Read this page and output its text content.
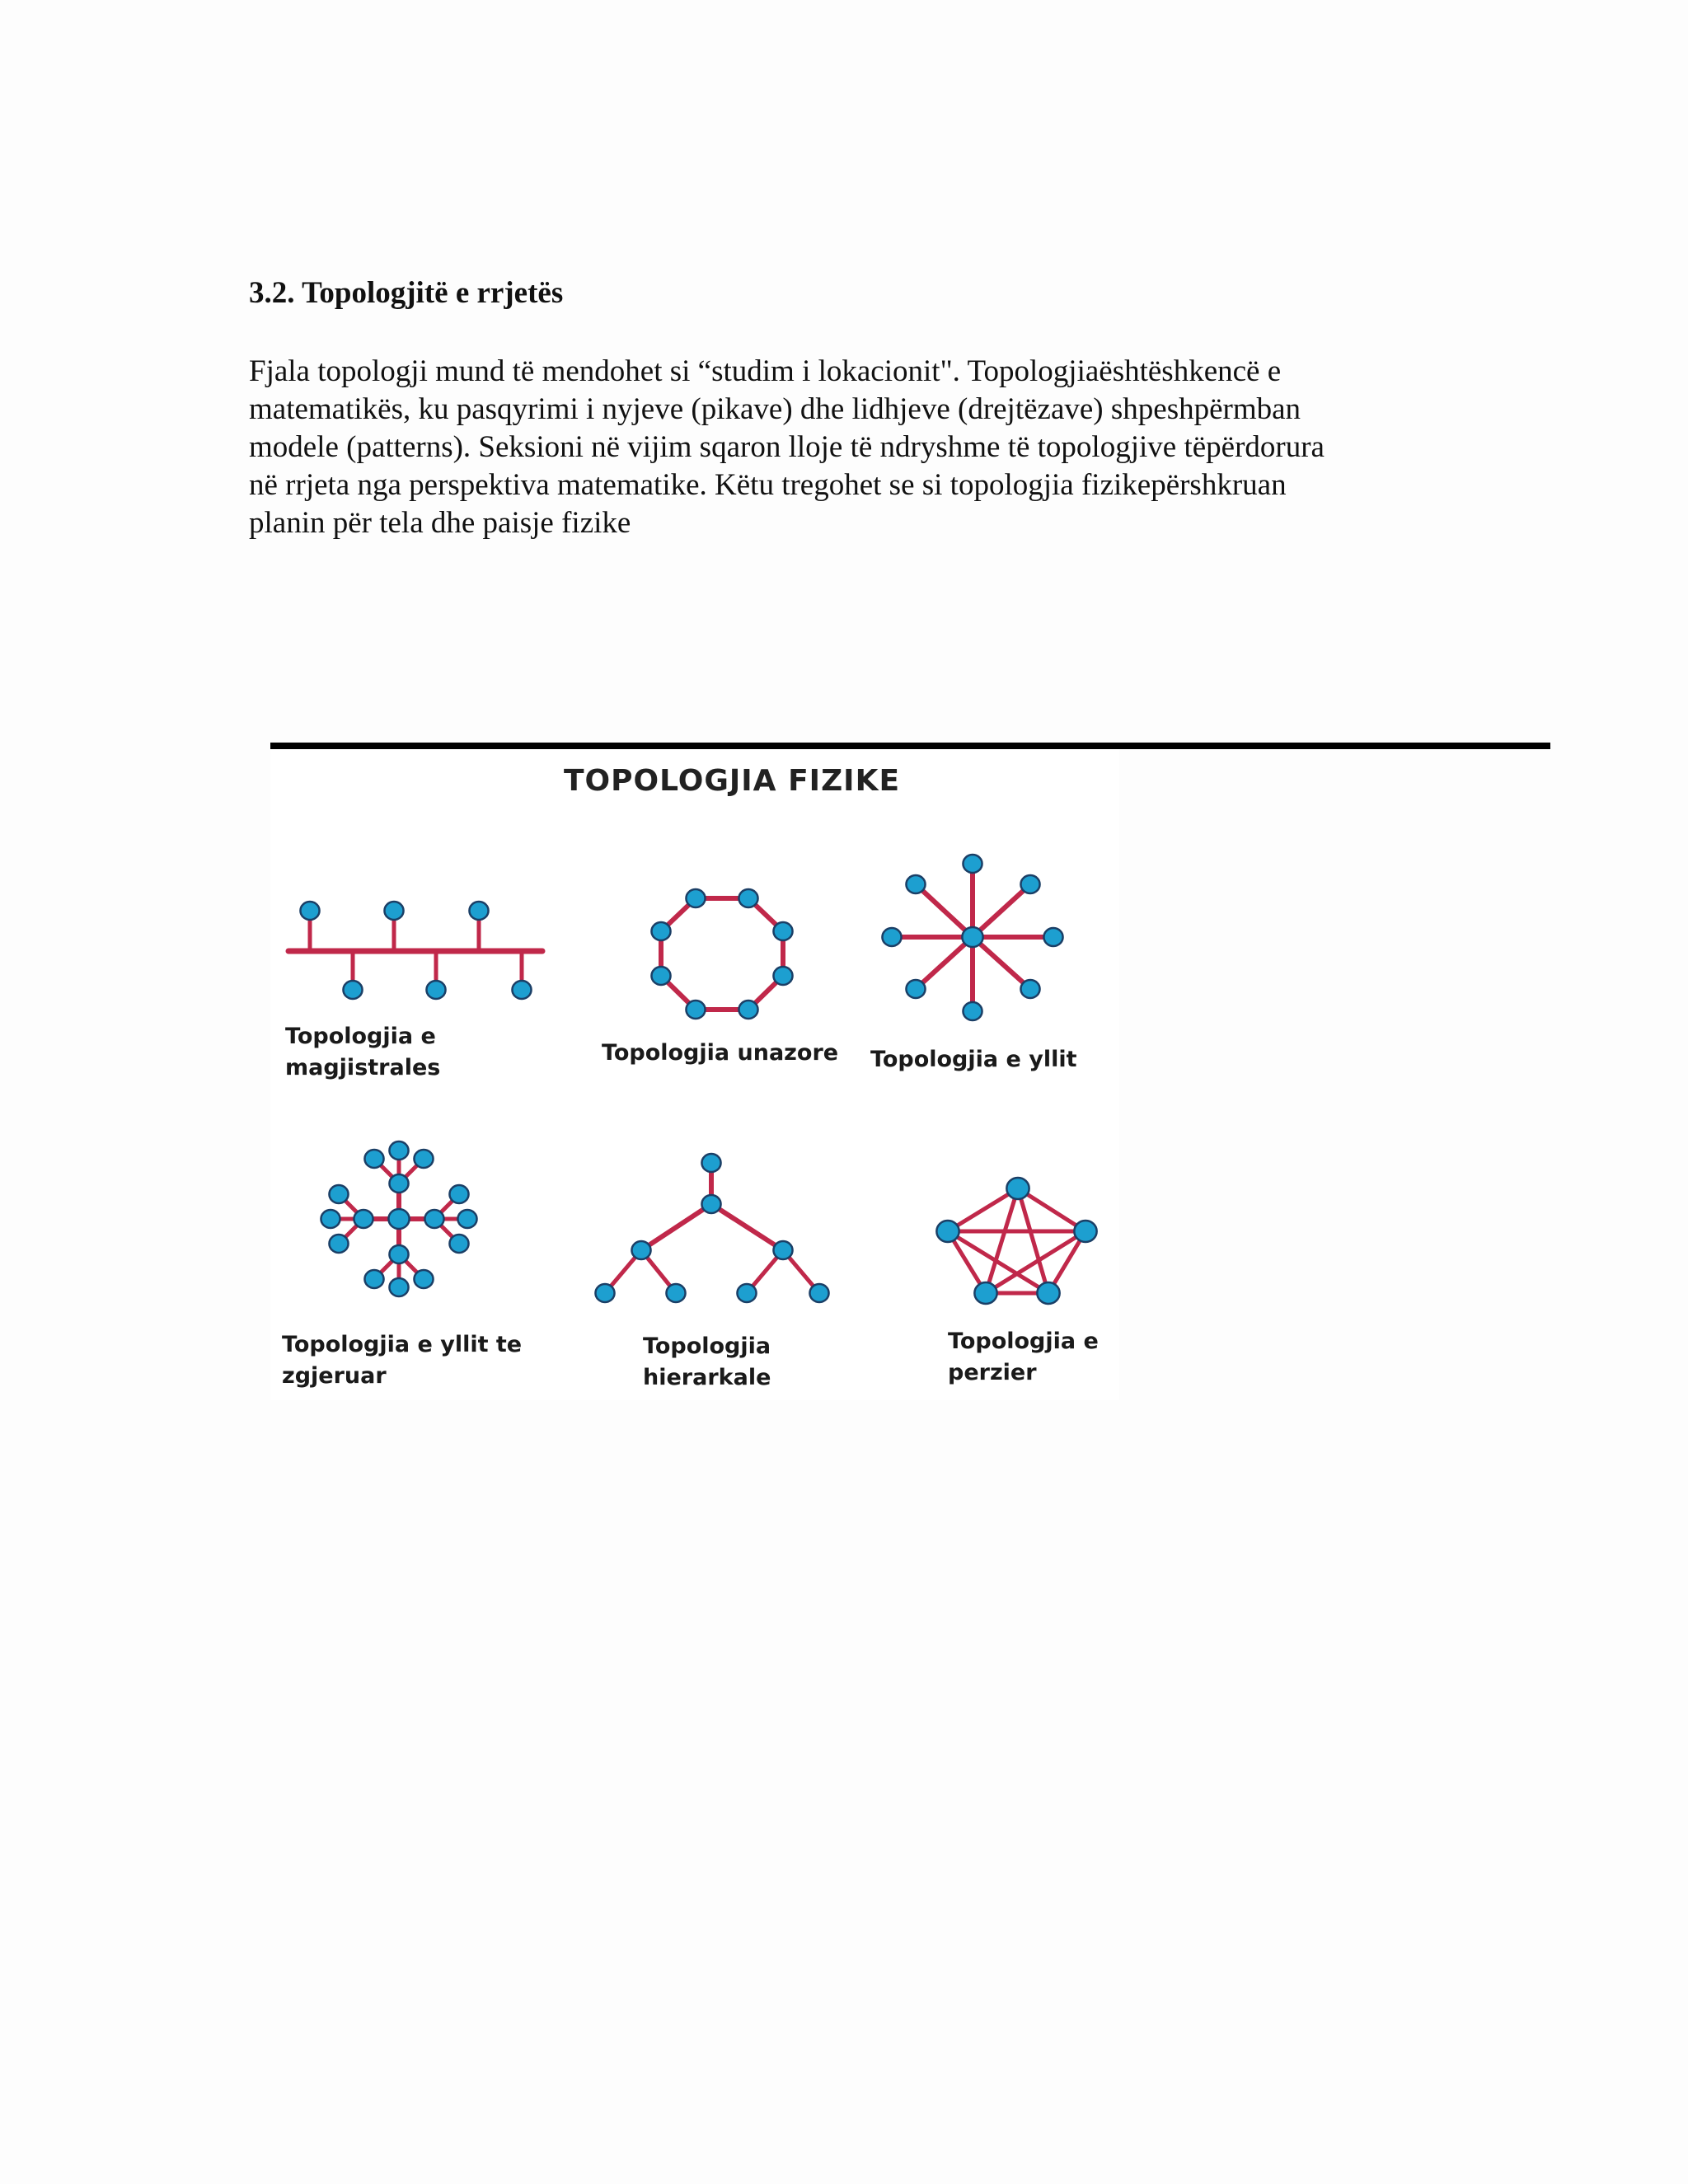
3.2. Topologjitë e rrjetës

Fjala topologji mund të mendohet si “studim i lokacionit". Topologjiaështëshkencë e
matematikës, ku pasqyrimi i nyjeve (pikave) dhe lidhjeve (drejtëzave) shpeshpërmban
modele (patterns). Seksioni në vijim sqaron lloje të ndryshme të topologjive tëpërdorura
në rrjeta nga perspektiva matematike. Këtu tregohet se si topologjia fizikepërshkruan
planin për tela dhe paisje fizike

TOPOLOGJIA FIZIKE
Topologjia e
magjistrales
Topologjia unazore Topologjia e yllit
Topologjia e yllit te
zgjeruar
Topologjia
hierarkale
Topologjia e
perzier
